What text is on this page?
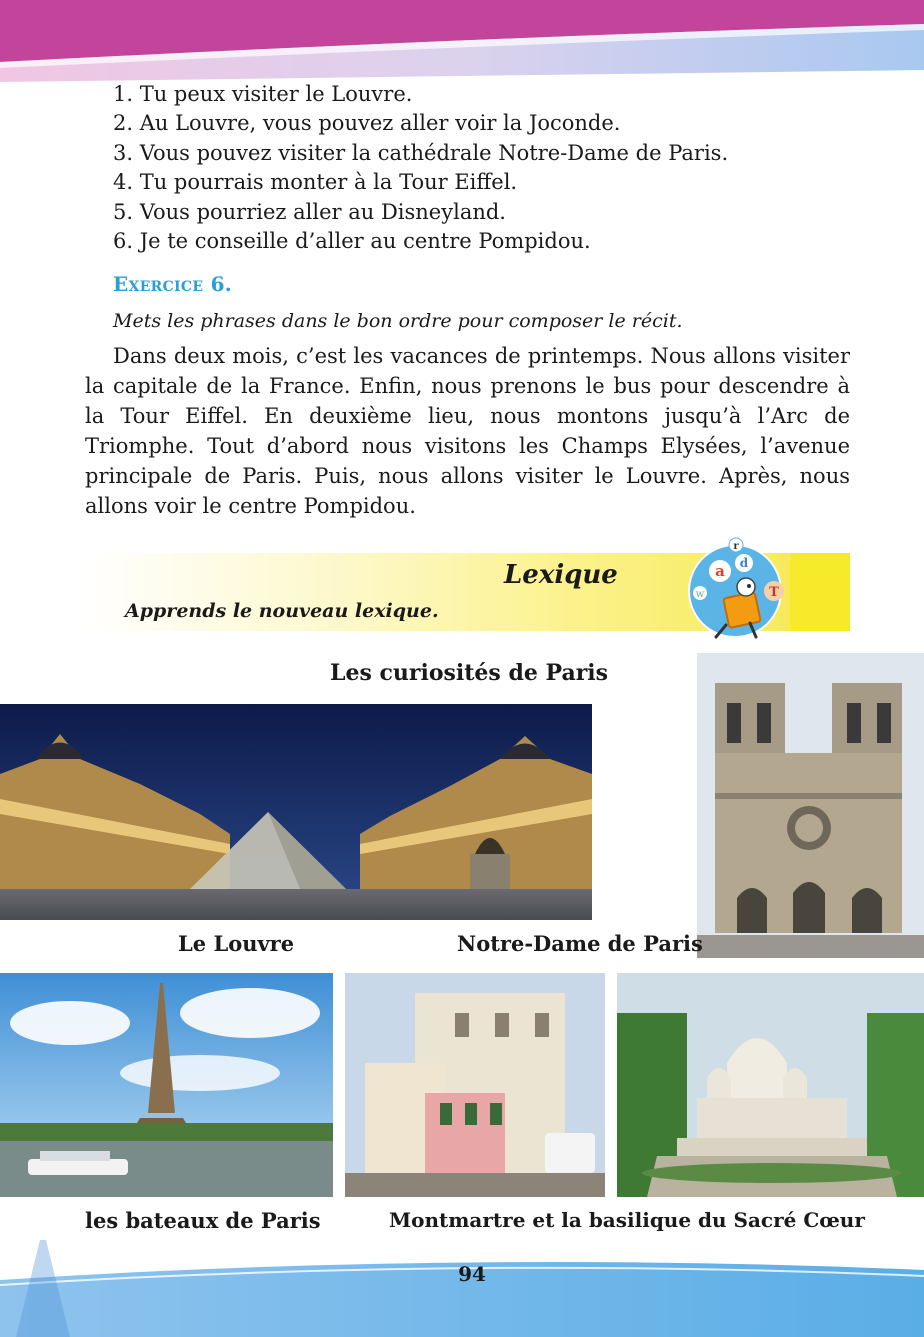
1. Tu peux visiter le Louvre.
2. Au Louvre, vous pouvez aller voir la Joconde.
3. Vous pouvez visiter la cathédrale Notre-Dame de Paris.
4. Tu pourrais monter à la Tour Eiffel.
5. Vous pourriez aller au Disneyland.
6. Je te conseille d’aller au centre Pompidou.
Exercice 6.
Mets les phrases dans le bon ordre pour composer le récit.

Dans deux mois, c’est les vacances de printemps. Nous allons visiter la capitale de la France. Enfin, nous prenons le bus pour descendre à la Tour Eiffel. En deuxième lieu, nous montons jusqu’à l’Arc de Triomphe. Tout d’abord nous visitons les Champs Elysées, l’avenue principale de Paris. Puis, nous allons visiter le Louvre. Après, nous allons voir le centre Pompidou.

Lexique
Apprends le nouveau lexique.
a d
r
T
w
Les curiosités de Paris
Le Louvre	Notre-Dame de Paris
les bateaux de Paris	Montmartre et la basilique du Sacré Cœur
94
